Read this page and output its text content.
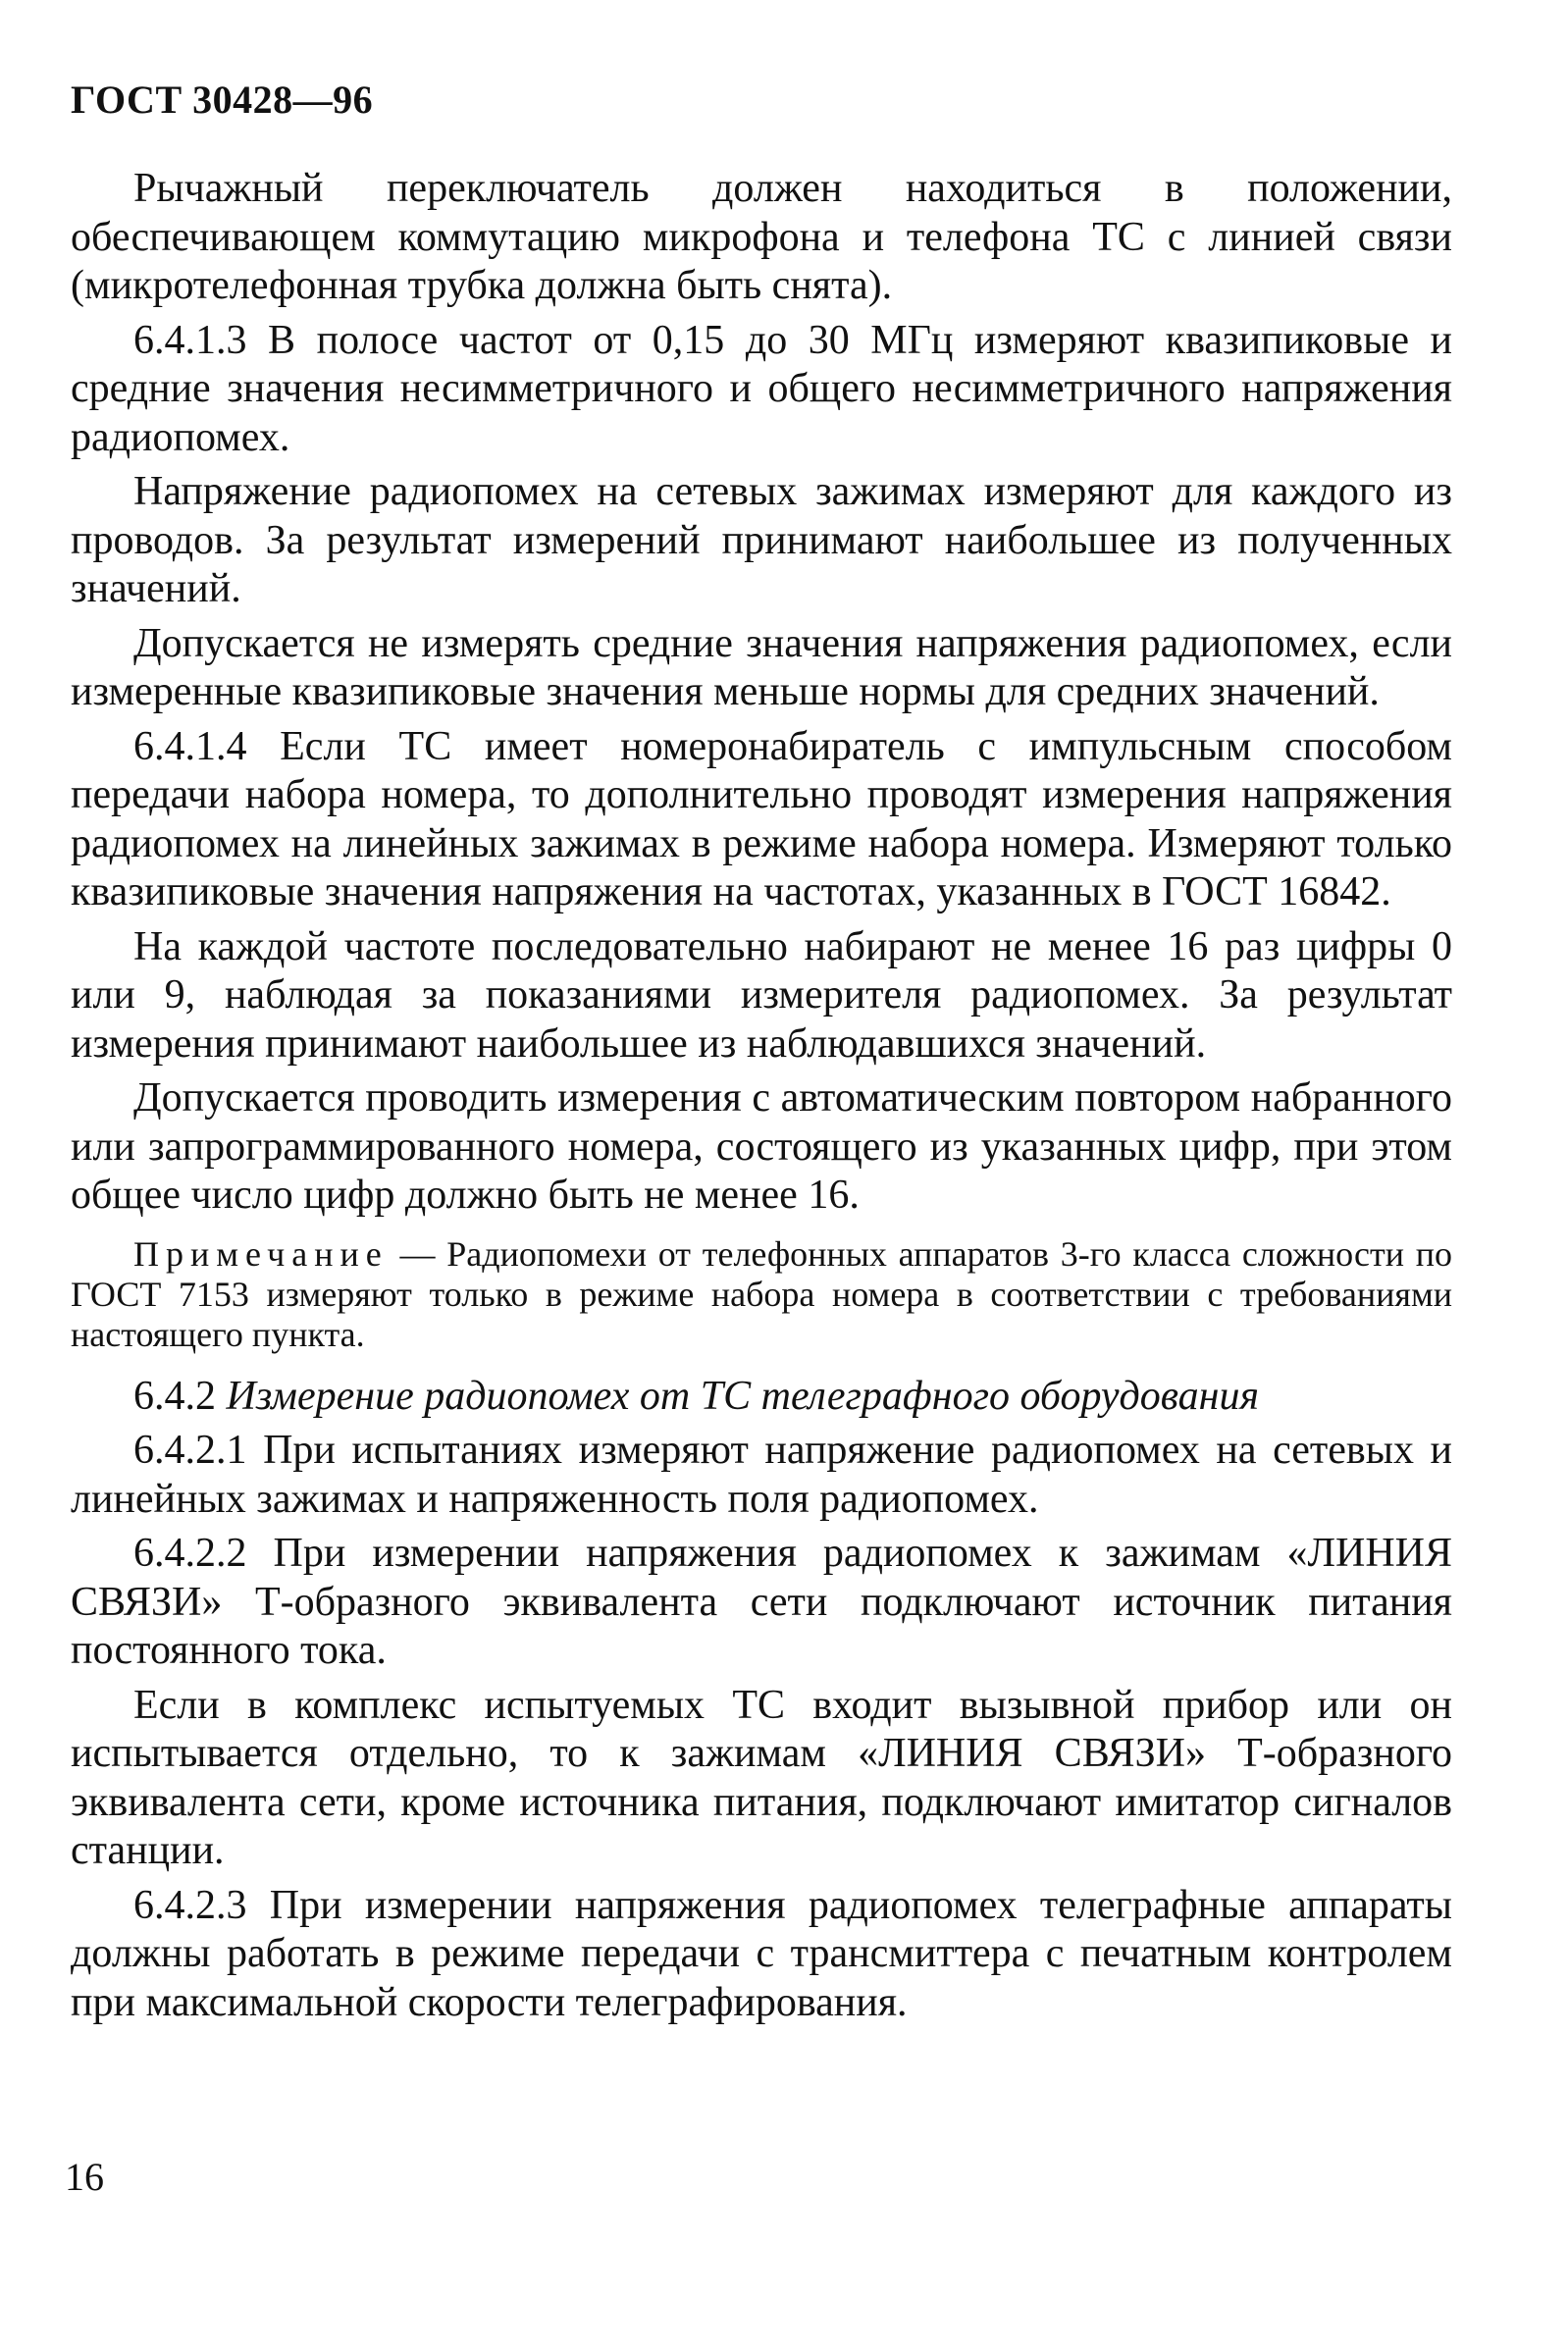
ГОСТ 30428—96

Рычажный переключатель должен находиться в положении, обеспечивающем коммутацию микрофона и телефона ТС с линией связи (микротелефонная трубка должна быть снята).

6.4.1.3 В полосе частот от 0,15 до 30 МГц измеряют квазипиковые и средние значения несимметричного и общего несимметричного напряжения радиопомех.

Напряжение радиопомех на сетевых зажимах измеряют для каждого из проводов. За результат измерений принимают наибольшее из полученных значений.

Допускается не измерять средние значения напряжения радиопомех, если измеренные квазипиковые значения меньше нормы для средних значений.

6.4.1.4 Если ТС имеет номеронабиратель с импульсным способом передачи набора номера, то дополнительно проводят измерения напряжения радиопомех на линейных зажимах в режиме набора номера. Измеряют только квазипиковые значения напряжения на частотах, указанных в ГОСТ 16842.

На каждой частоте последовательно набирают не менее 16 раз цифры 0 или 9, наблюдая за показаниями измерителя радиопомех. За результат измерения принимают наибольшее из наблюдавшихся значений.

Допускается проводить измерения с автоматическим повтором набранного или запрограммированного номера, состоящего из указанных цифр, при этом общее число цифр должно быть не менее 16.

Примечание — Радиопомехи от телефонных аппаратов 3-го класса сложности по ГОСТ 7153 измеряют только в режиме набора номера в соответствии с требованиями настоящего пункта.

6.4.2 Измерение радиопомех от ТС телеграфного оборудования

6.4.2.1 При испытаниях измеряют напряжение радиопомех на сетевых и линейных зажимах и напряженность поля радиопомех.

6.4.2.2 При измерении напряжения радиопомех к зажимам «ЛИНИЯ СВЯЗИ» Т-образного эквивалента сети подключают источник питания постоянного тока.

Если в комплекс испытуемых ТС входит вызывной прибор или он испытывается отдельно, то к зажимам «ЛИНИЯ СВЯЗИ» Т-образного эквивалента сети, кроме источника питания, подключают имитатор сигналов станции.

6.4.2.3 При измерении напряжения радиопомех телеграфные аппараты должны работать в режиме передачи с трансмиттера с печатным контролем при максимальной скорости телеграфирования.

16
